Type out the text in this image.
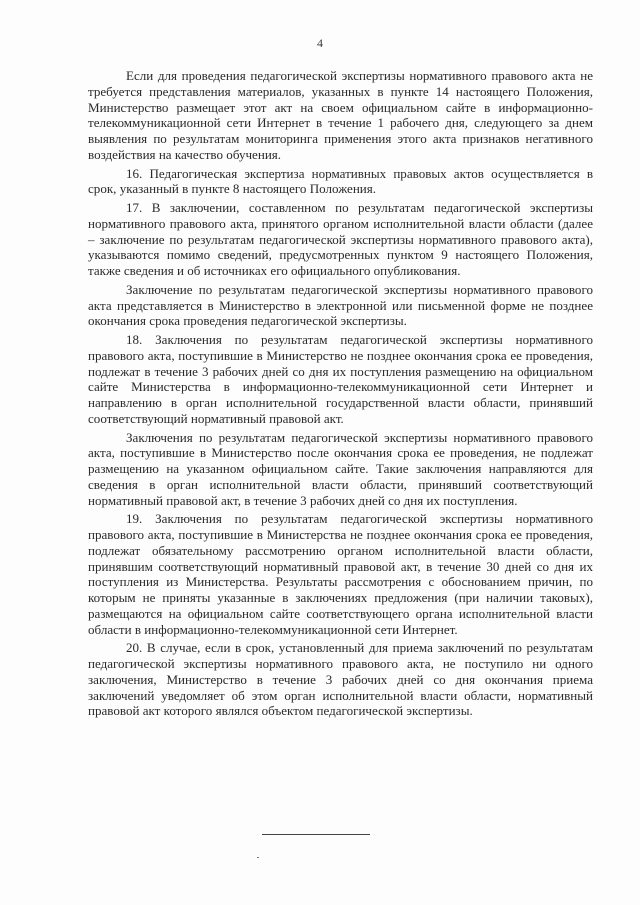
4

Если для проведения педагогической экспертизы нормативного правового акта не требуется представления материалов, указанных в пункте 14 настоящего Положения, Министерство размещает этот акт на своем официальном сайте в информационно-телекоммуникационной сети Интернет в течение 1 рабочего дня, следующего за днем выявления по результатам мониторинга применения этого акта признаков негативного воздействия на качество обучения.

16. Педагогическая экспертиза нормативных правовых актов осуществляется в срок, указанный в пункте 8 настоящего Положения.

17. В заключении, составленном по результатам педагогической экспертизы нормативного правового акта, принятого органом исполнительной власти области (далее – заключение по результатам педагогической экспертизы нормативного правового акта), указываются помимо сведений, предусмотренных пунктом 9 настоящего Положения, также сведения и об источниках его официального опубликования.

Заключение по результатам педагогической экспертизы нормативного правового акта представляется в Министерство в электронной или письменной форме не позднее окончания срока проведения педагогической экспертизы.

18. Заключения по результатам педагогической экспертизы нормативного правового акта, поступившие в Министерство не позднее окончания срока ее проведения, подлежат в течение 3 рабочих дней со дня их поступления размещению на официальном сайте Министерства в информационно-телекоммуникационной сети Интернет и направлению в орган исполнительной государственной власти области, принявший соответствующий нормативный правовой акт.

Заключения по результатам педагогической экспертизы нормативного правового акта, поступившие в Министерство после окончания срока ее проведения, не подлежат размещению на указанном официальном сайте. Такие заключения направляются для сведения в орган исполнительной власти области, принявший соответствующий нормативный правовой акт, в течение 3 рабочих дней со дня их поступления.

19. Заключения по результатам педагогической экспертизы нормативного правового акта, поступившие в Министерства не позднее окончания срока ее проведения, подлежат обязательному рассмотрению органом исполнительной власти области, принявшим соответствующий нормативный правовой акт, в течение 30 дней со дня их поступления из Министерства. Результаты рассмотрения с обоснованием причин, по которым не приняты указанные в заключениях предложения (при наличии таковых), размещаются на официальном сайте соответствующего органа исполнительной власти области в информационно-телекоммуникационной сети Интернет.

20. В случае, если в срок, установленный для приема заключений по результатам педагогической экспертизы нормативного правового акта, не поступило ни одного заключения, Министерство в течение 3 рабочих дней со дня окончания приема заключений уведомляет об этом орган исполнительной власти области, нормативный правовой акт которого являлся объектом педагогической экспертизы.
